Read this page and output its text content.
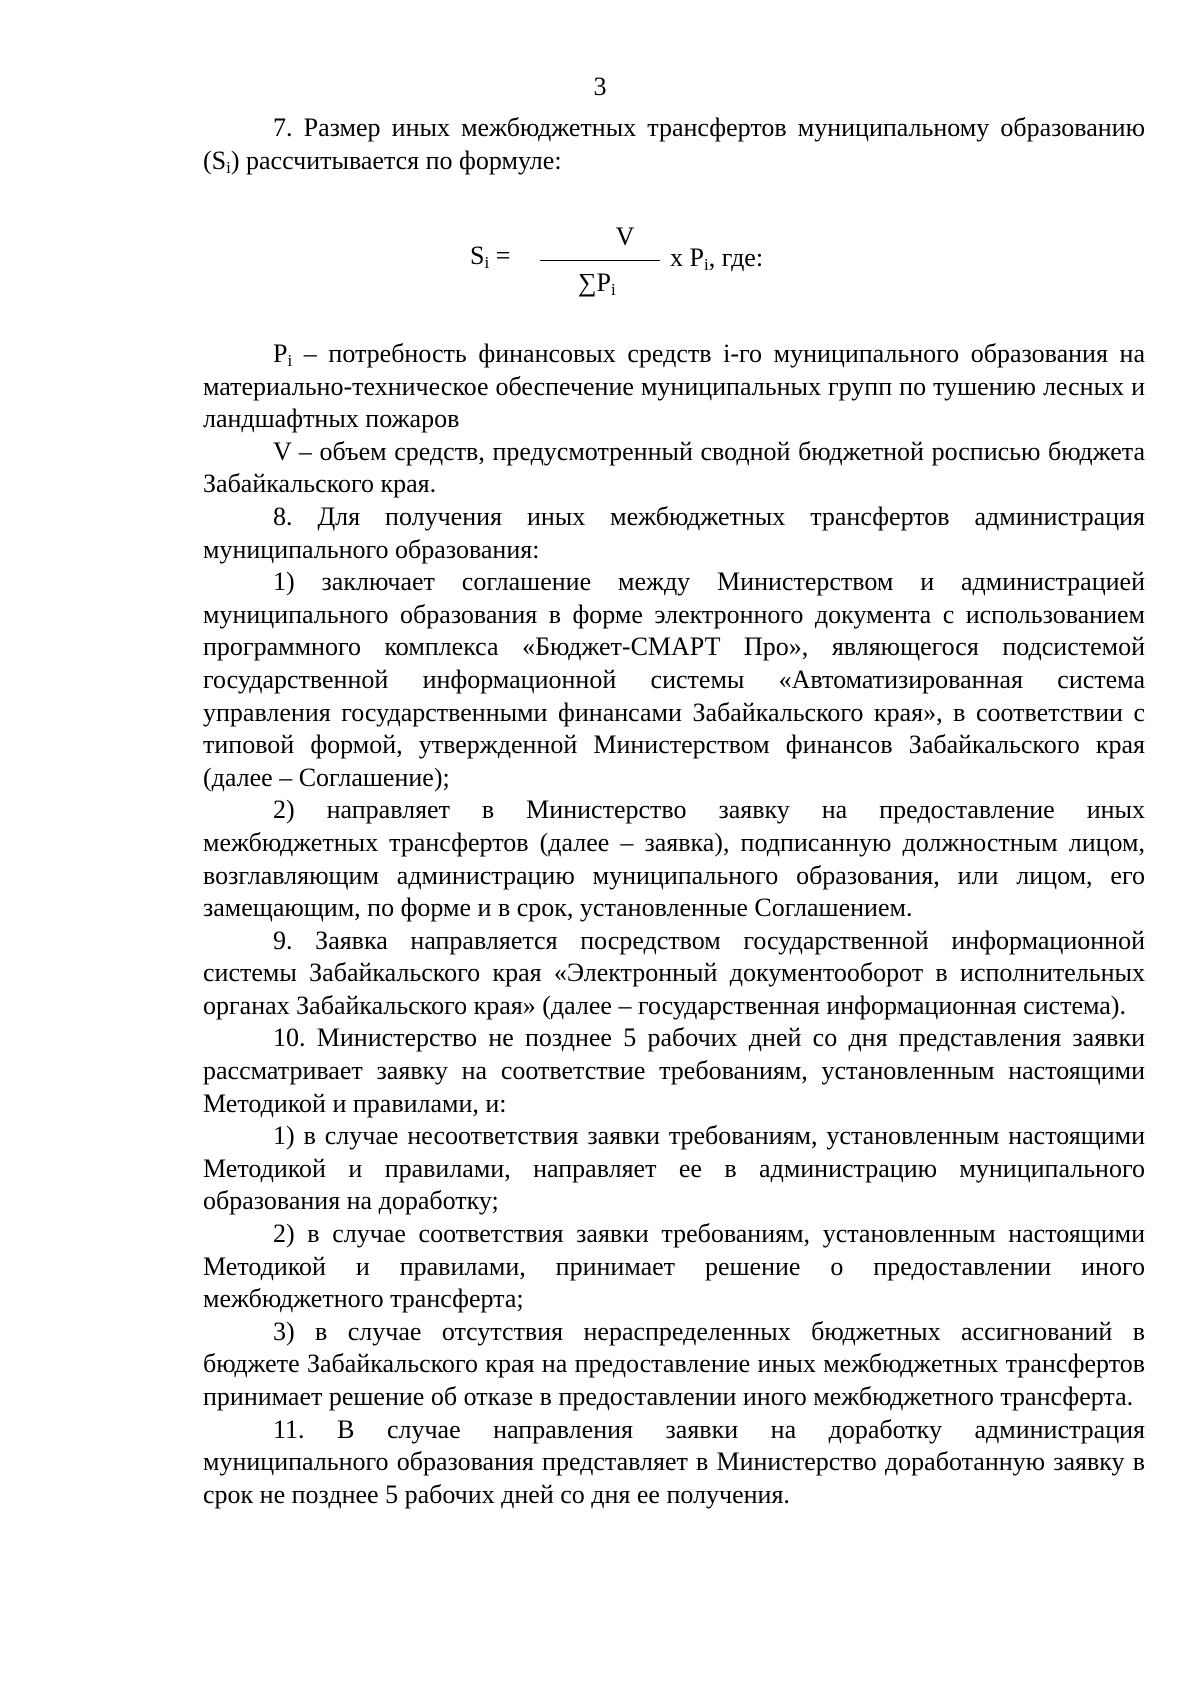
3

7. Размер иных межбюджетных трансфертов муниципальному образованию $(S_i)$ рассчитывается по формуле:

$S_i$ =
V
$\sum P_i$
х $P_i$, где:

$P_i$ – потребность финансовых средств i-го муниципального образования на материально-техническое обеспечение муниципальных групп по тушению лесных и ландшафтных пожаров

V – объем средств, предусмотренный сводной бюджетной росписью бюджета Забайкальского края.

8. Для получения иных межбюджетных трансфертов администрация муниципального образования:

1) заключает соглашение между Министерством и администрацией муниципального образования в форме электронного документа с использованием программного комплекса «Бюджет-СМАРТ Про», являющегося подсистемой государственной информационной системы «Автоматизированная система управления государственными финансами Забайкальского края», в соответствии с типовой формой, утвержденной Министерством финансов Забайкальского края (далее – Соглашение);

2) направляет в Министерство заявку на предоставление иных межбюджетных трансфертов (далее – заявка), подписанную должностным лицом, возглавляющим администрацию муниципального образования, или лицом, его замещающим, по форме и в срок, установленные Соглашением.

9. Заявка направляется посредством государственной информационной системы Забайкальского края «Электронный документооборот в исполнительных органах Забайкальского края» (далее – государственная информационная система).

10. Министерство не позднее 5 рабочих дней со дня представления заявки рассматривает заявку на соответствие требованиям, установленным настоящими Методикой и правилами, и:

1) в случае несоответствия заявки требованиям, установленным настоящими Методикой и правилами, направляет ее в администрацию муниципального образования на доработку;

2) в случае соответствия заявки требованиям, установленным настоящими Методикой и правилами, принимает решение о предоставлении иного межбюджетного трансферта;

3) в случае отсутствия нераспределенных бюджетных ассигнований в бюджете Забайкальского края на предоставление иных межбюджетных трансфертов принимает решение об отказе в предоставлении иного межбюджетного трансферта.

11. В случае направления заявки на доработку администрация муниципального образования представляет в Министерство доработанную заявку в срок не позднее 5 рабочих дней со дня ее получения.
